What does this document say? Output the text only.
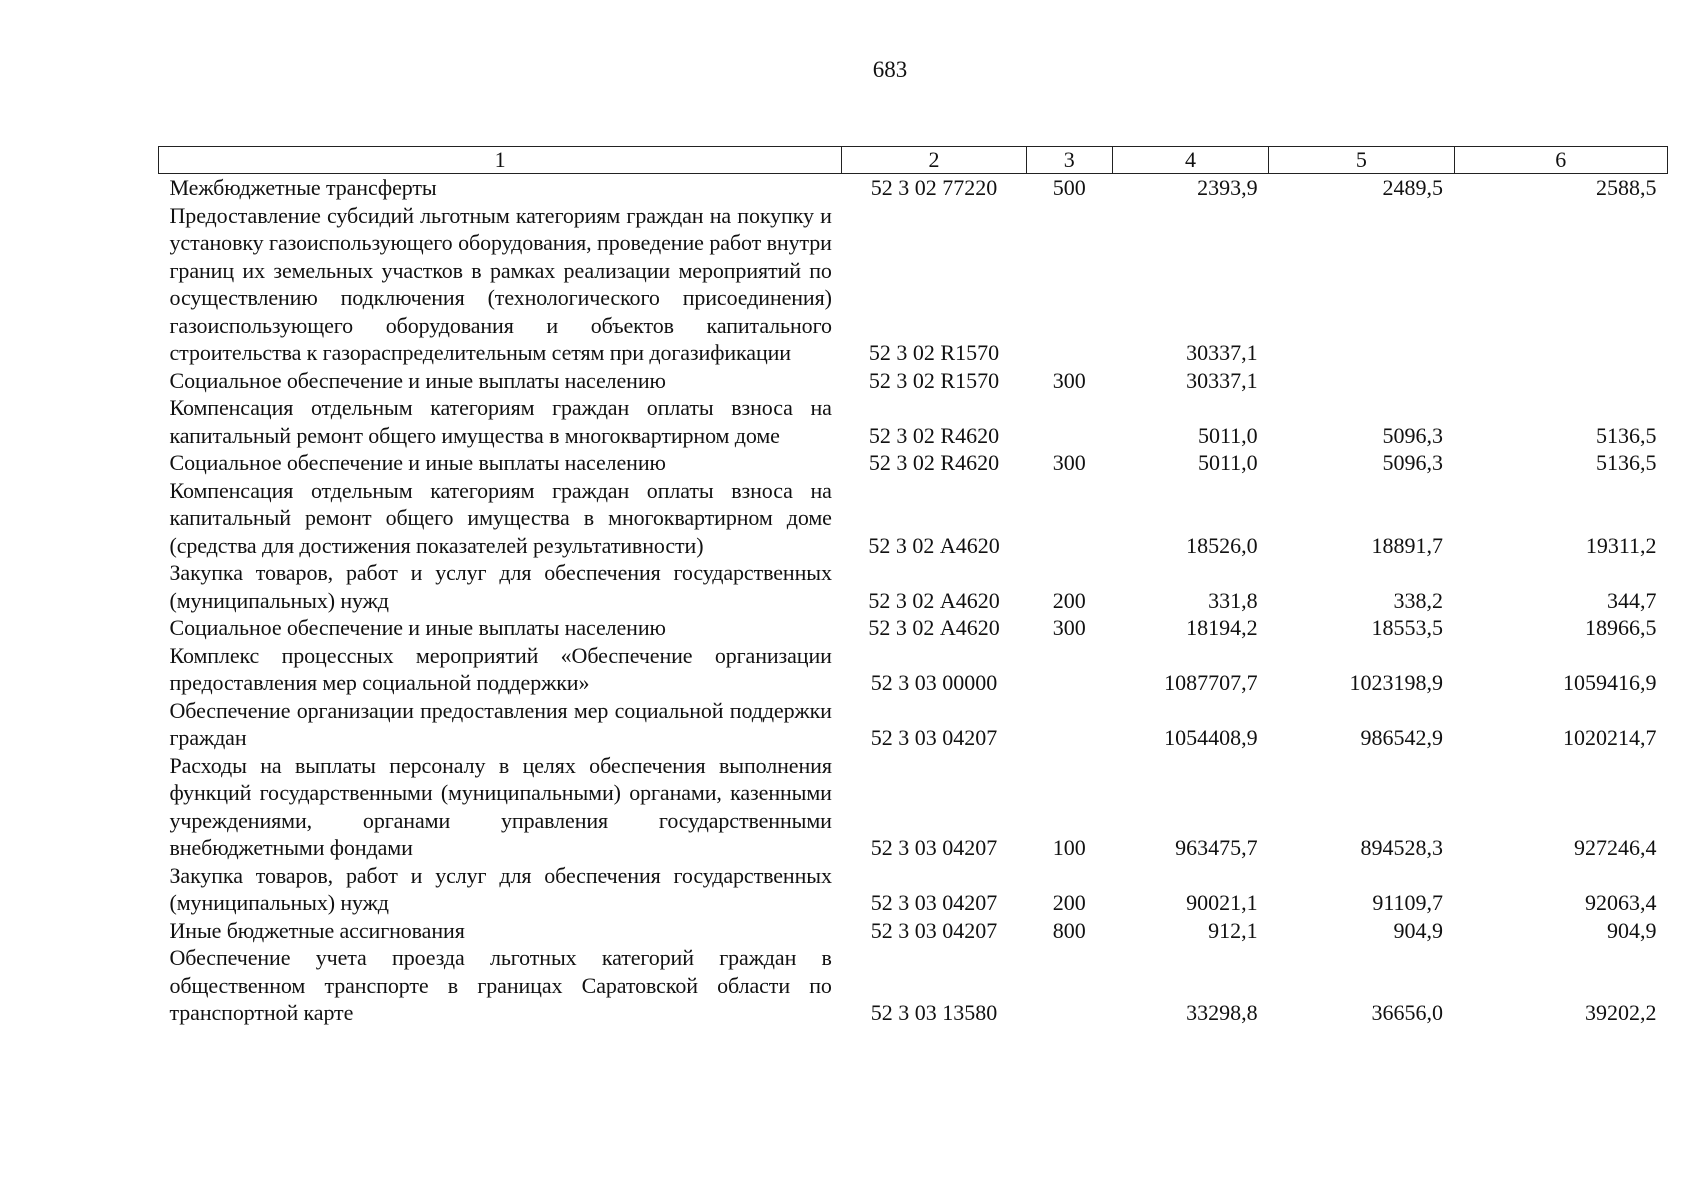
683
1	2	3	4	5	6
Межбюджетные трансферты	52 3 02 77220	500	2393,9	2489,5	2588,5
Предоставление субсидий льготным категориям граждан на покупку и установку газоиспользующего оборудования, проведение работ внутри границ их земельных участков в рамках реализации мероприятий по осуществлению подключения (технологического присоединения) газоиспользующего оборудования и объектов капитального строительства к газораспределительным сетям при догазификации	52 3 02 R1570		30337,1		
Социальное обеспечение и иные выплаты населению	52 3 02 R1570	300	30337,1		
Компенсация отдельным категориям граждан оплаты взноса на капитальный ремонт общего имущества в многоквартирном доме	52 3 02 R4620		5011,0	5096,3	5136,5
Социальное обеспечение и иные выплаты населению	52 3 02 R4620	300	5011,0	5096,3	5136,5
Компенсация отдельным категориям граждан оплаты взноса на капитальный ремонт общего имущества в многоквартирном доме (средства для достижения показателей результативности)	52 3 02 А4620		18526,0	18891,7	19311,2
Закупка товаров, работ и услуг для обеспечения государственных (муниципальных) нужд	52 3 02 А4620	200	331,8	338,2	344,7
Социальное обеспечение и иные выплаты населению	52 3 02 А4620	300	18194,2	18553,5	18966,5
Комплекс процессных мероприятий «Обеспечение организации предоставления мер социальной поддержки»	52 3 03 00000		1087707,7	1023198,9	1059416,9
Обеспечение организации предоставления мер социальной поддержки граждан	52 3 03 04207		1054408,9	986542,9	1020214,7
Расходы на выплаты персоналу в целях обеспечения выполнения функций государственными (муниципальными) органами, казенными учреждениями, органами управления государственными внебюджетными фондами	52 3 03 04207	100	963475,7	894528,3	927246,4
Закупка товаров, работ и услуг для обеспечения государственных (муниципальных) нужд	52 3 03 04207	200	90021,1	91109,7	92063,4
Иные бюджетные ассигнования	52 3 03 04207	800	912,1	904,9	904,9
Обеспечение учета проезда льготных категорий граждан в общественном транспорте в границах Саратовской области по транспортной карте	52 3 03 13580		33298,8	36656,0	39202,2
